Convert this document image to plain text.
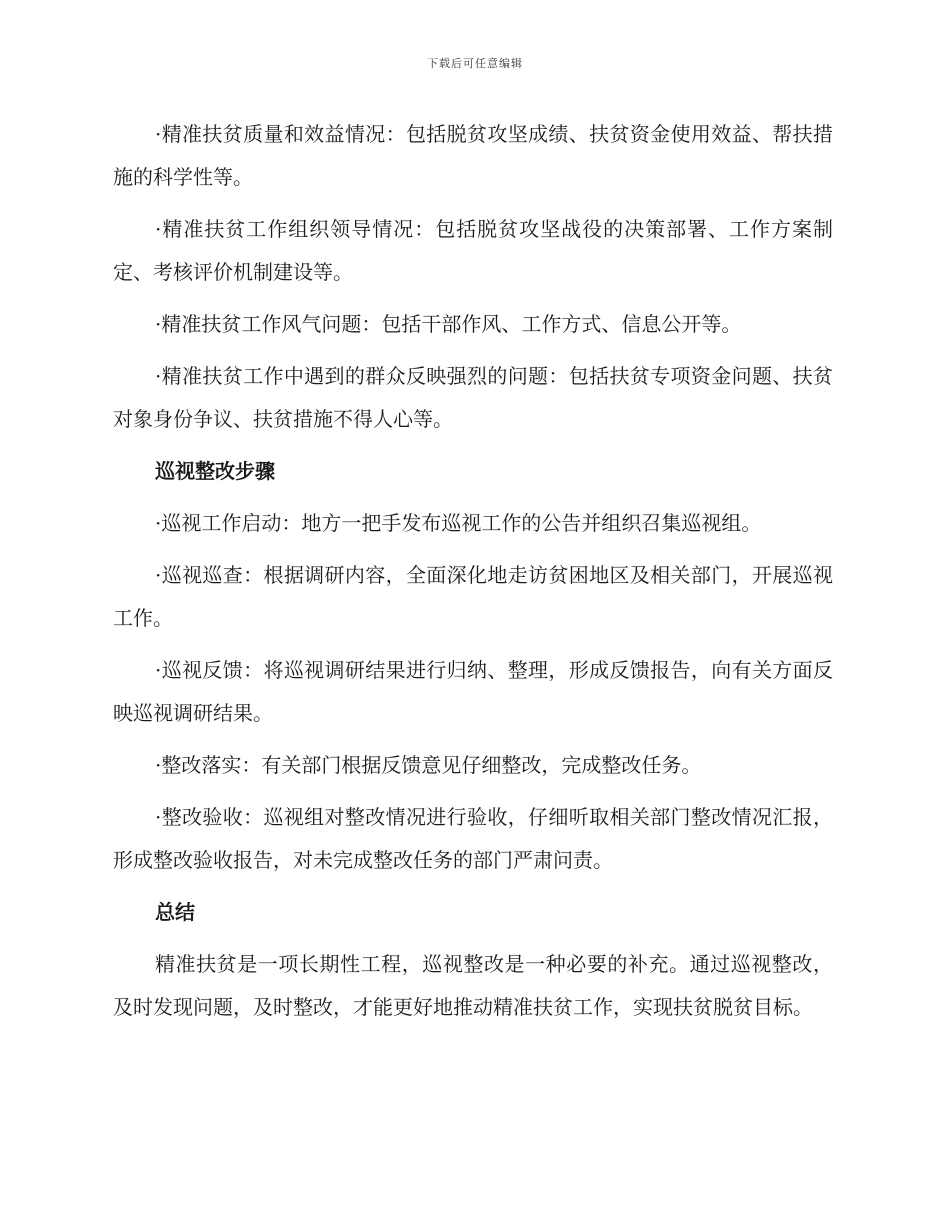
下载后可任意编辑

·精准扶贫质量和效益情况：包括脱贫攻坚成绩、扶贫资金使用效益、帮扶措施的科学性等。

·精准扶贫工作组织领导情况：包括脱贫攻坚战役的决策部署、工作方案制定、考核评价机制建设等。

·精准扶贫工作风气问题：包括干部作风、工作方式、信息公开等。

·精准扶贫工作中遇到的群众反映强烈的问题：包括扶贫专项资金问题、扶贫对象身份争议、扶贫措施不得人心等。

巡视整改步骤

·巡视工作启动：地方一把手发布巡视工作的公告并组织召集巡视组。

·巡视巡查：根据调研内容，全面深化地走访贫困地区及相关部门，开展巡视工作。

·巡视反馈：将巡视调研结果进行归纳、整理，形成反馈报告，向有关方面反映巡视调研结果。

·整改落实：有关部门根据反馈意见仔细整改，完成整改任务。

·整改验收：巡视组对整改情况进行验收，仔细听取相关部门整改情况汇报，形成整改验收报告，对未完成整改任务的部门严肃问责。

总结

精准扶贫是一项长期性工程，巡视整改是一种必要的补充。通过巡视整改，及时发现问题，及时整改，才能更好地推动精准扶贫工作，实现扶贫脱贫目标。
